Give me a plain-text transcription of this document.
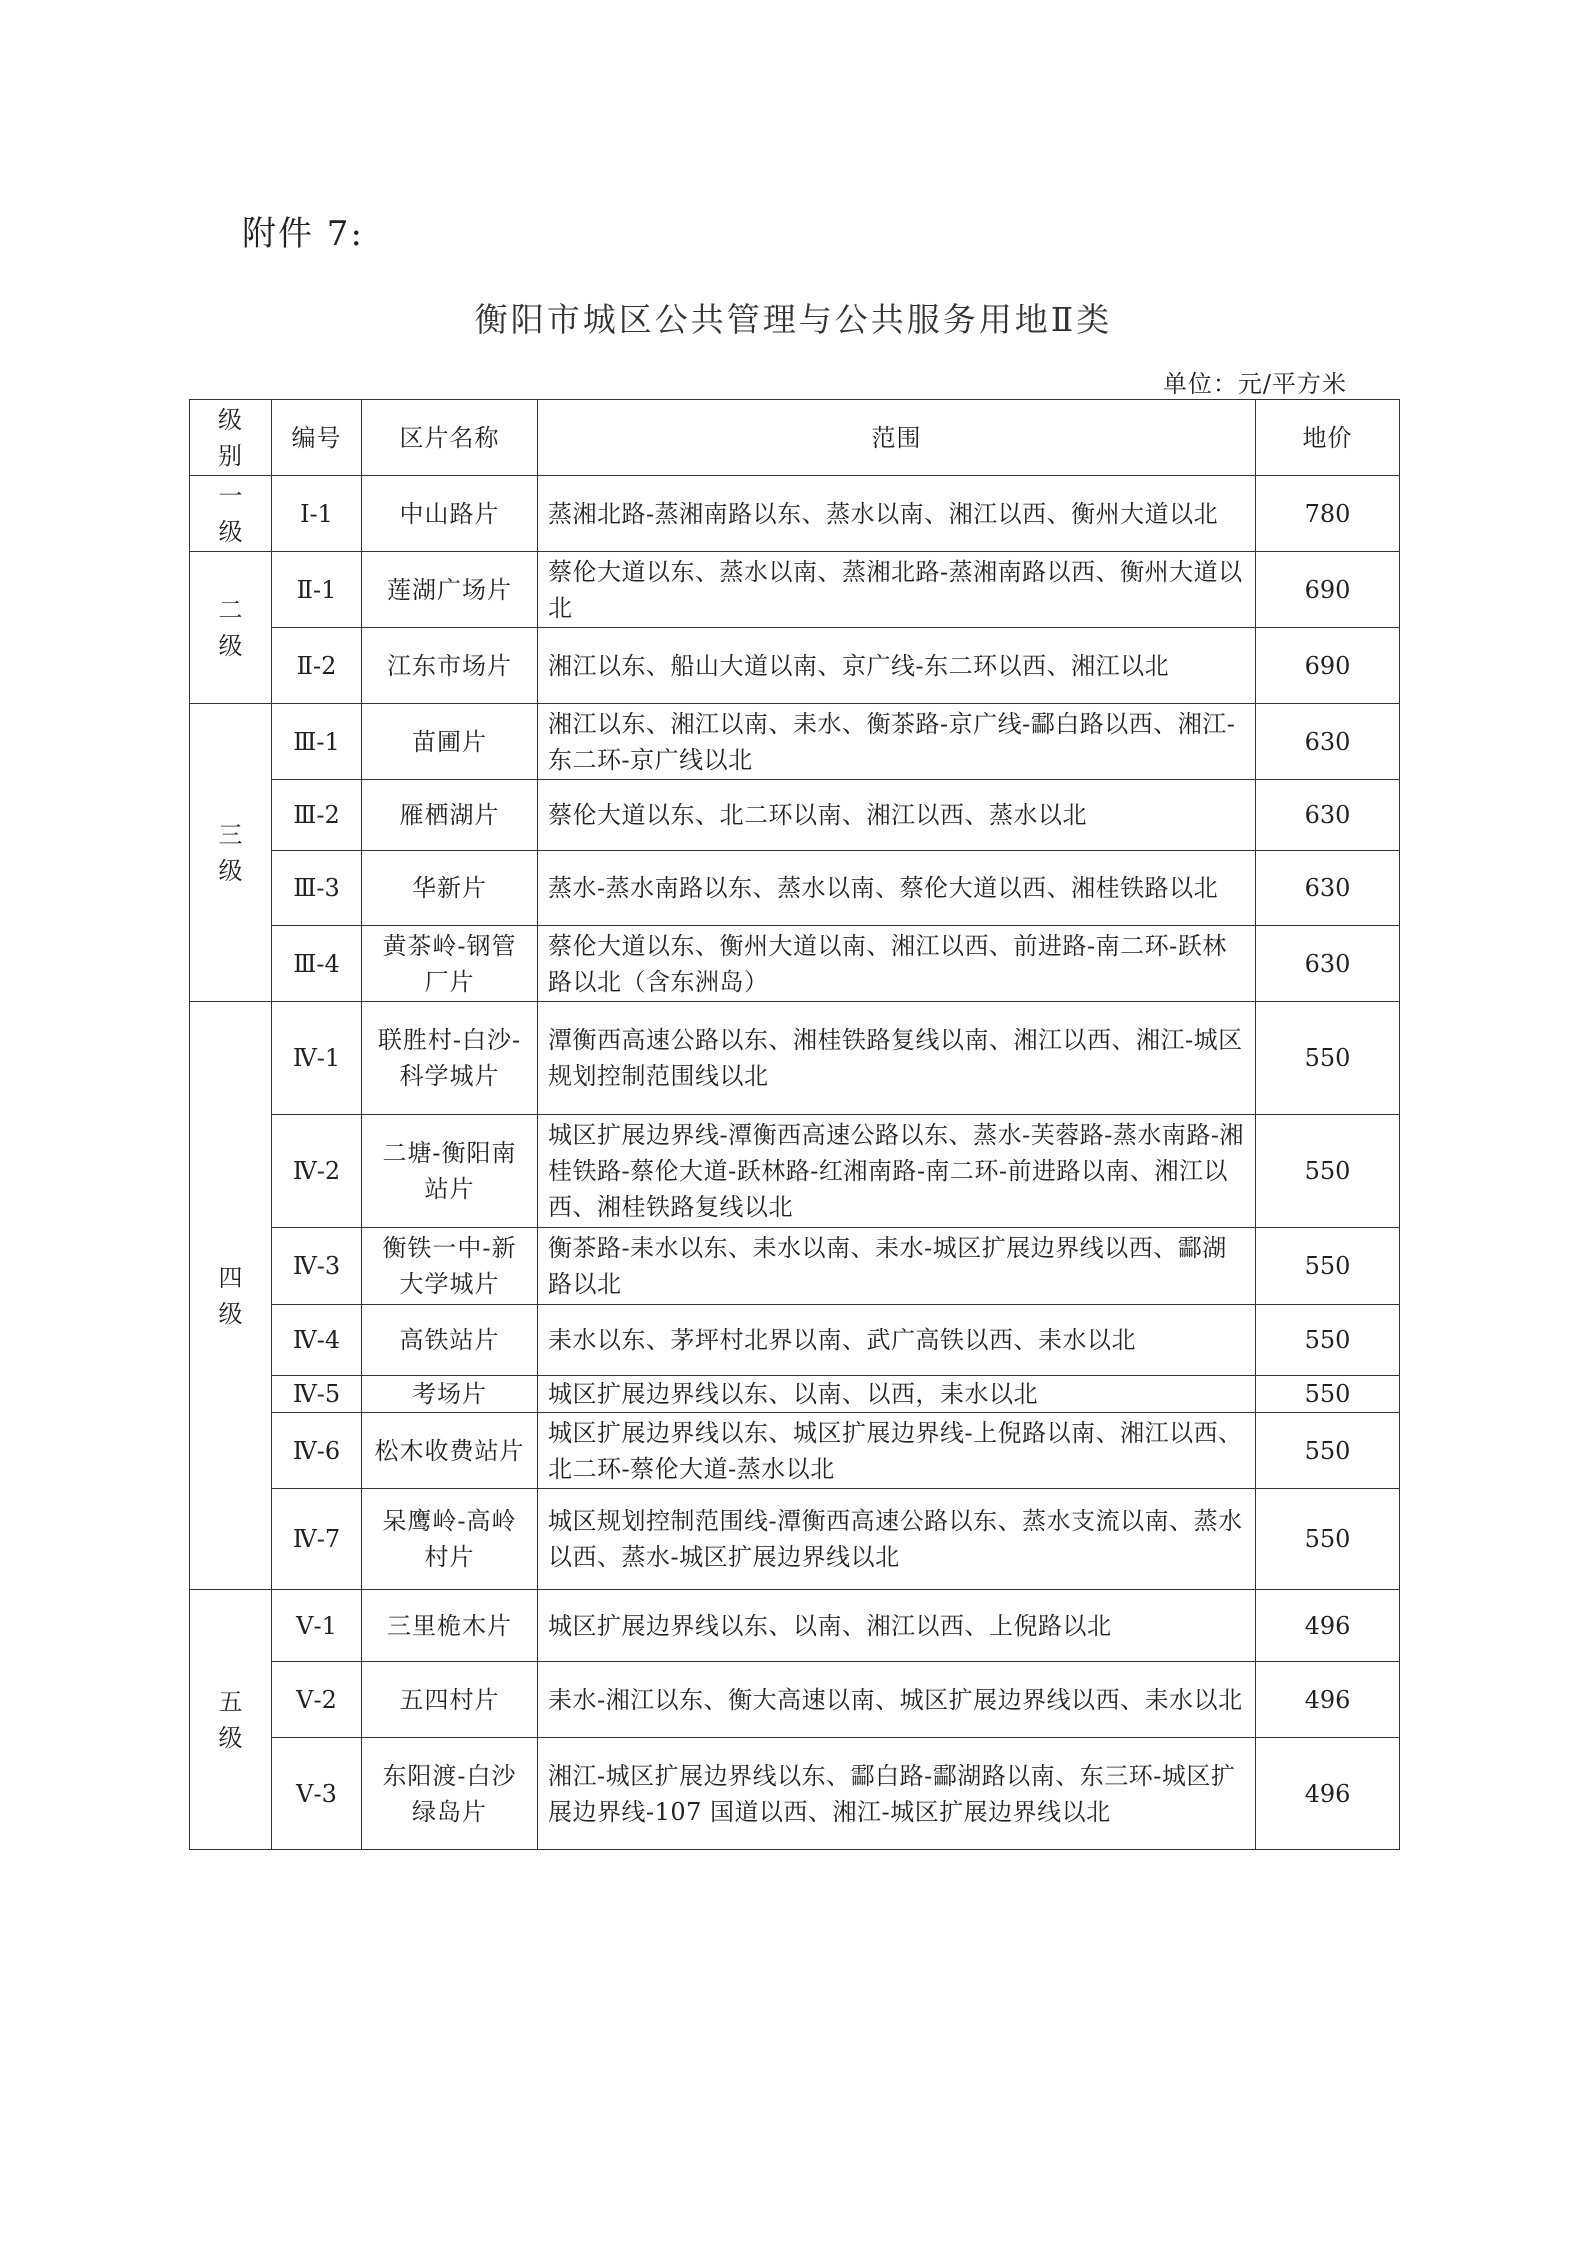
附件 7:
衡阳市城区公共管理与公共服务用地Ⅱ类
单位：元/平方米
级别	编号	区片名称	范围	地价
一级	Ⅰ-1	中山路片	蒸湘北路-蒸湘南路以东、蒸水以南、湘江以西、衡州大道以北	780
二级	Ⅱ-1	莲湖广场片	蔡伦大道以东、蒸水以南、蒸湘北路-蒸湘南路以西、衡州大道以北	690
	Ⅱ-2	江东市场片	湘江以东、船山大道以南、京广线-东二环以西、湘江以北	690
三级	Ⅲ-1	苗圃片	湘江以东、湘江以南、耒水、衡茶路-京广线-酃白路以西、湘江-东二环-京广线以北	630
	Ⅲ-2	雁栖湖片	蔡伦大道以东、北二环以南、湘江以西、蒸水以北	630
	Ⅲ-3	华新片	蒸水-蒸水南路以东、蒸水以南、蔡伦大道以西、湘桂铁路以北	630
	Ⅲ-4	黄茶岭-钢管厂片	蔡伦大道以东、衡州大道以南、湘江以西、前进路-南二环-跃林路以北（含东洲岛）	630
四级	Ⅳ-1	联胜村-白沙-科学城片	潭衡西高速公路以东、湘桂铁路复线以南、湘江以西、湘江-城区规划控制范围线以北	550
	Ⅳ-2	二塘-衡阳南站片	城区扩展边界线-潭衡西高速公路以东、蒸水-芙蓉路-蒸水南路-湘桂铁路-蔡伦大道-跃林路-红湘南路-南二环-前进路以南、湘江以西、湘桂铁路复线以北	550
	Ⅳ-3	衡铁一中-新大学城片	衡茶路-耒水以东、耒水以南、耒水-城区扩展边界线以西、酃湖路以北	550
	Ⅳ-4	高铁站片	耒水以东、茅坪村北界以南、武广高铁以西、耒水以北	550
	Ⅳ-5	考场片	城区扩展边界线以东、以南、以西，耒水以北	550
	Ⅳ-6	松木收费站片	城区扩展边界线以东、城区扩展边界线-上倪路以南、湘江以西、北二环-蔡伦大道-蒸水以北	550
	Ⅳ-7	呆鹰岭-高岭村片	城区规划控制范围线-潭衡西高速公路以东、蒸水支流以南、蒸水以西、蒸水-城区扩展边界线以北	550
五级	Ⅴ-1	三里桅木片	城区扩展边界线以东、以南、湘江以西、上倪路以北	496
	Ⅴ-2	五四村片	耒水-湘江以东、衡大高速以南、城区扩展边界线以西、耒水以北	496
	Ⅴ-3	东阳渡-白沙绿岛片	湘江-城区扩展边界线以东、酃白路-酃湖路以南、东三环-城区扩展边界线-107 国道以西、湘江-城区扩展边界线以北	496
